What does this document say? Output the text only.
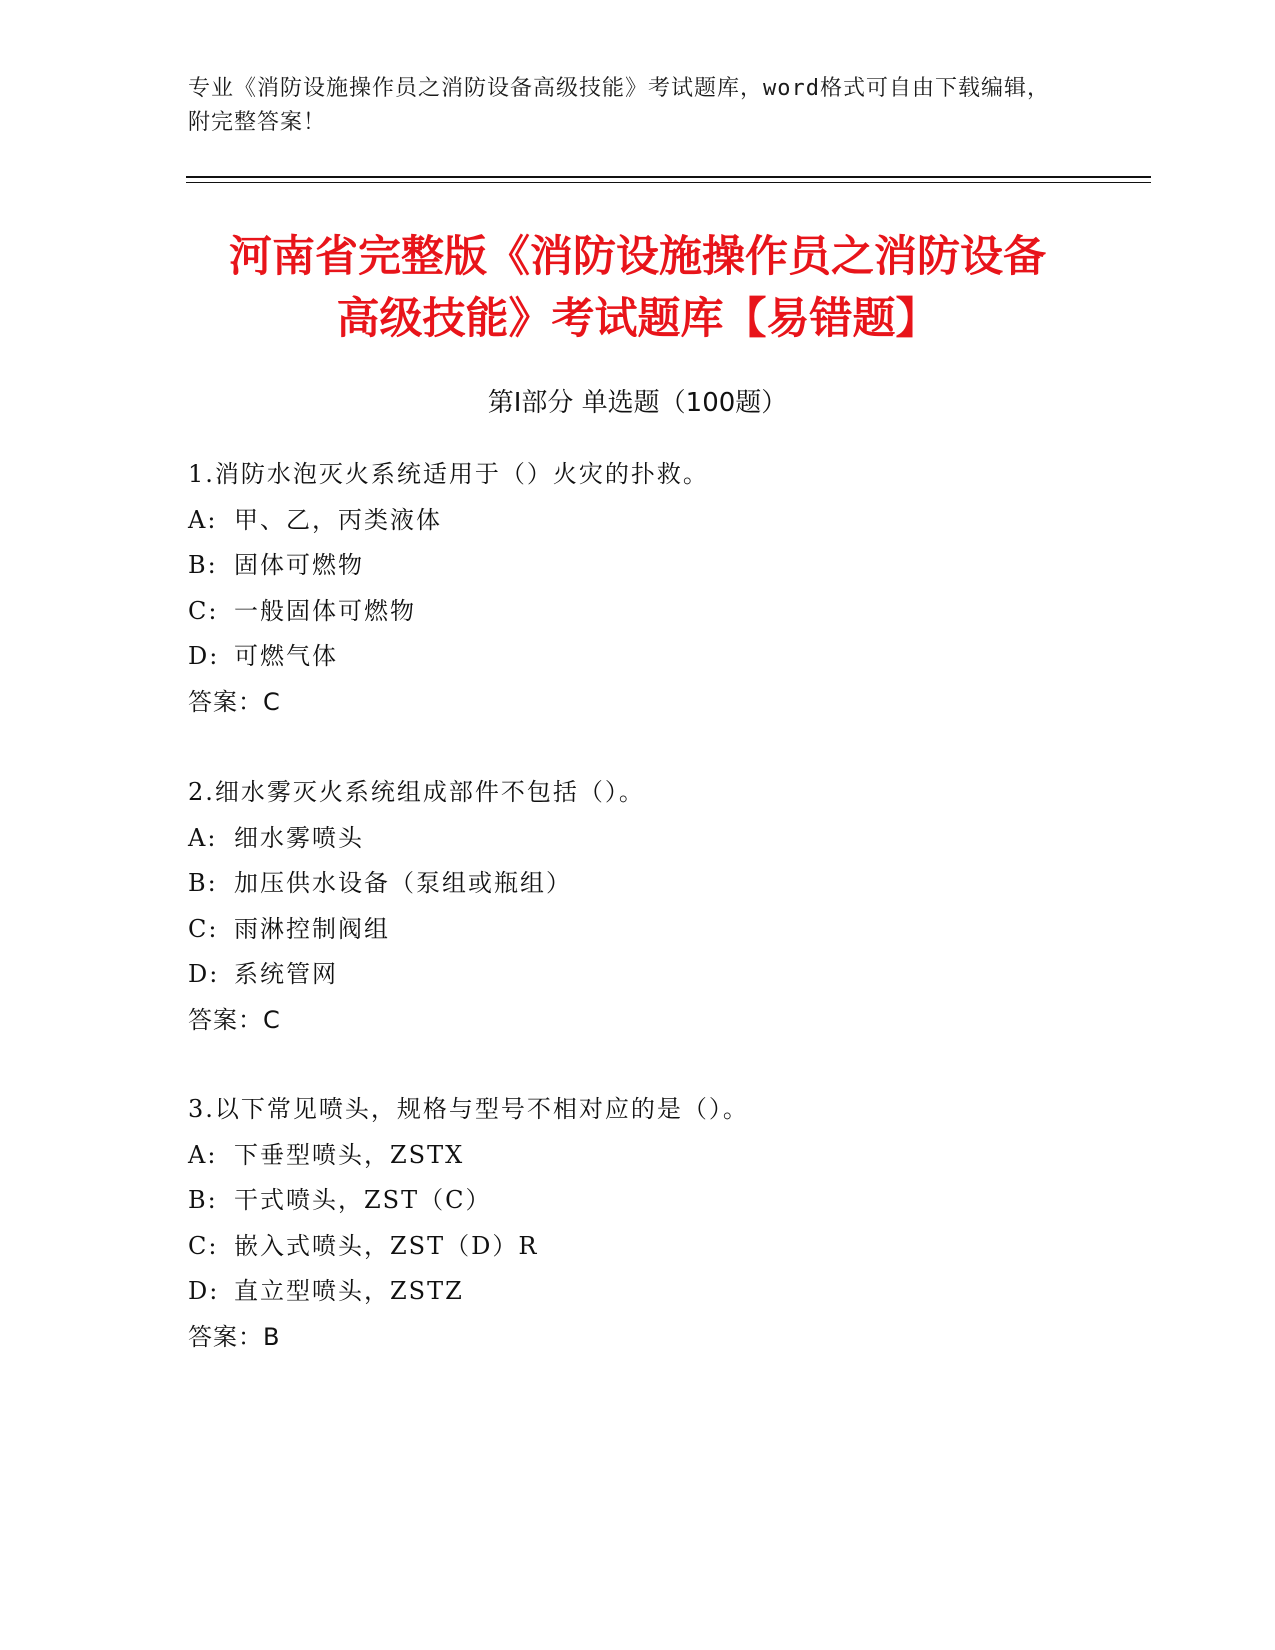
专业《消防设施操作员之消防设备高级技能》考试题库，word格式可自由下载编辑，附完整答案！
河南省完整版《消防设施操作员之消防设备
高级技能》考试题库【易错题】
第Ⅰ部分 单选题（100题）
1.消防水泡灭火系统适用于（）火灾的扑救。
A: 甲、乙，丙类液体
B: 固体可燃物
C: 一般固体可燃物
D: 可燃气体
答案：C
2.细水雾灭火系统组成部件不包括（）。
A: 细水雾喷头
B: 加压供水设备（泵组或瓶组）
C: 雨淋控制阀组
D: 系统管网
答案：C
3.以下常见喷头，规格与型号不相对应的是（）。
A: 下垂型喷头，ZSTX
B: 干式喷头，ZST（C）
C: 嵌入式喷头，ZST（D）R
D: 直立型喷头，ZSTZ
答案：B
